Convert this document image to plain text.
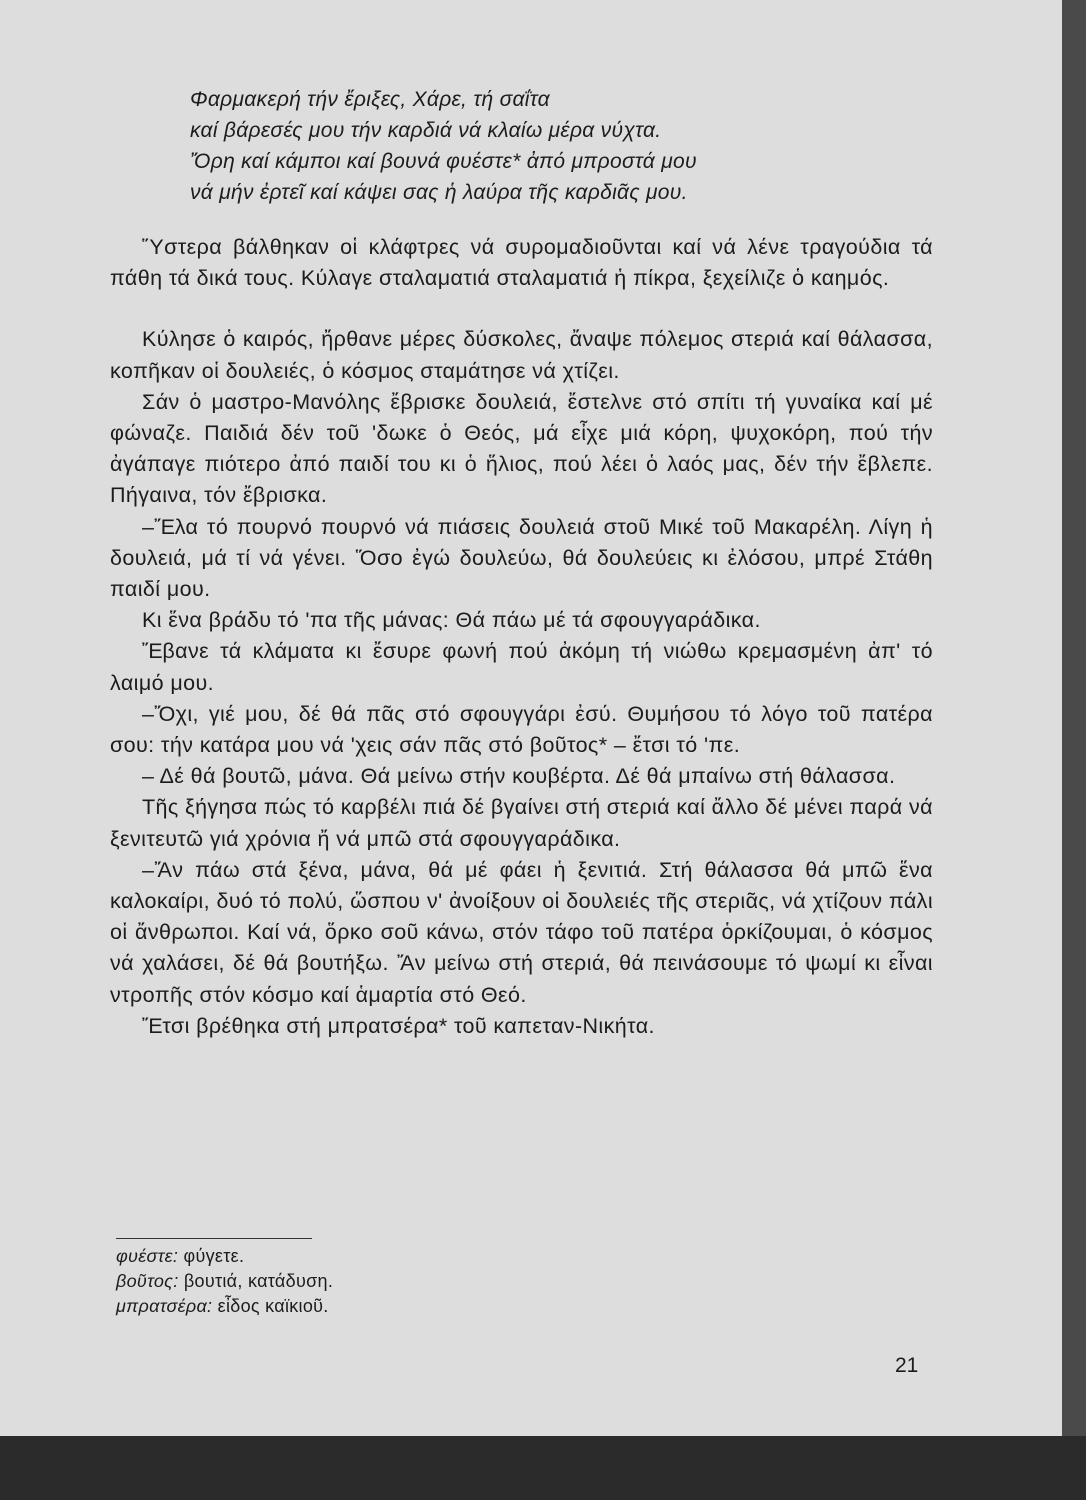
Φαρμακερή τήν ἔριξες, Χάρε, τή σαΐτα
καί βάρεσές μου τήν καρδιά νά κλαίω μέρα νύχτα.
Ὄρη καί κάμποι καί βουνά φυέστε* ἀπό μπροστά μου
νά μήν ἐρτεῖ καί κάψει σας ἡ λαύρα τῆς καρδιᾶς μου.

Ὕστερα βάλθηκαν οἱ κλάφτρες νά συρομαδιοῦνται καί νά λένε τραγούδια τά πάθη τά δικά τους. Κύλαγε σταλαματιά σταλαματιά ἡ πίκρα, ξεχείλιζε ὁ καημός.

Κύλησε ὁ καιρός, ἤρθανε μέρες δύσκολες, ἄναψε πόλεμος στεριά καί θάλασσα, κοπῆκαν οἱ δουλειές, ὁ κόσμος σταμάτησε νά χτίζει.

Σάν ὁ μαστρο-Μανόλης ἔβρισκε δουλειά, ἔστελνε στό σπίτι τή γυναίκα καί μέ φώναζε. Παιδιά δέν τοῦ 'δωκε ὁ Θεός, μά εἶχε μιά κόρη, ψυχοκόρη, πού τήν ἀγάπαγε πιότερο ἀπό παιδί του κι ὁ ἥλιος, πού λέει ὁ λαός μας, δέν τήν ἔβλεπε. Πήγαινα, τόν ἔβρισκα.

–Ἔλα τό πουρνό πουρνό νά πιάσεις δουλειά στοῦ Μικέ τοῦ Μακαρέλη. Λίγη ἡ δουλειά, μά τί νά γένει. Ὅσο ἐγώ δουλεύω, θά δουλεύεις κι ἐλόσου, μπρέ Στάθη παιδί μου.

Κι ἕνα βράδυ τό 'πα τῆς μάνας: Θά πάω μέ τά σφουγγαράδικα.

Ἔβανε τά κλάματα κι ἔσυρε φωνή πού ἀκόμη τή νιώθω κρεμασμένη ἀπ' τό λαιμό μου.

–Ὄχι, γιέ μου, δέ θά πᾶς στό σφουγγάρι ἐσύ. Θυμήσου τό λόγο τοῦ πατέρα σου: τήν κατάρα μου νά 'χεις σάν πᾶς στό βοῦτος* – ἔτσι τό 'πε.

– Δέ θά βουτῶ, μάνα. Θά μείνω στήν κουβέρτα. Δέ θά μπαίνω στή θάλασσα.

Τῆς ξήγησα πώς τό καρβέλι πιά δέ βγαίνει στή στεριά καί ἄλλο δέ μένει παρά νά ξενιτευτῶ γιά χρόνια ἤ νά μπῶ στά σφουγγαράδικα.

–Ἄν πάω στά ξένα, μάνα, θά μέ φάει ἡ ξενιτιά. Στή θάλασσα θά μπῶ ἕνα καλοκαίρι, δυό τό πολύ, ὥσπου ν' ἀνοίξουν οἱ δουλειές τῆς στεριᾶς, νά χτίζουν πάλι οἱ ἄνθρωποι. Καί νά, ὅρκο σοῦ κάνω, στόν τάφο τοῦ πατέρα ὁρκίζουμαι, ὁ κόσμος νά χαλάσει, δέ θά βουτήξω. Ἄν μείνω στή στεριά, θά πεινάσουμε τό ψωμί κι εἶναι ντροπῆς στόν κόσμο καί ἁμαρτία στό Θεό.

Ἔτσι βρέθηκα στή μπρατσέρα* τοῦ καπεταν-Νικήτα.

φυέστε: φύγετε.
βοῦτος: βουτιά, κατάδυση.
μπρατσέρα: εἶδος καϊκιοῦ.
21
